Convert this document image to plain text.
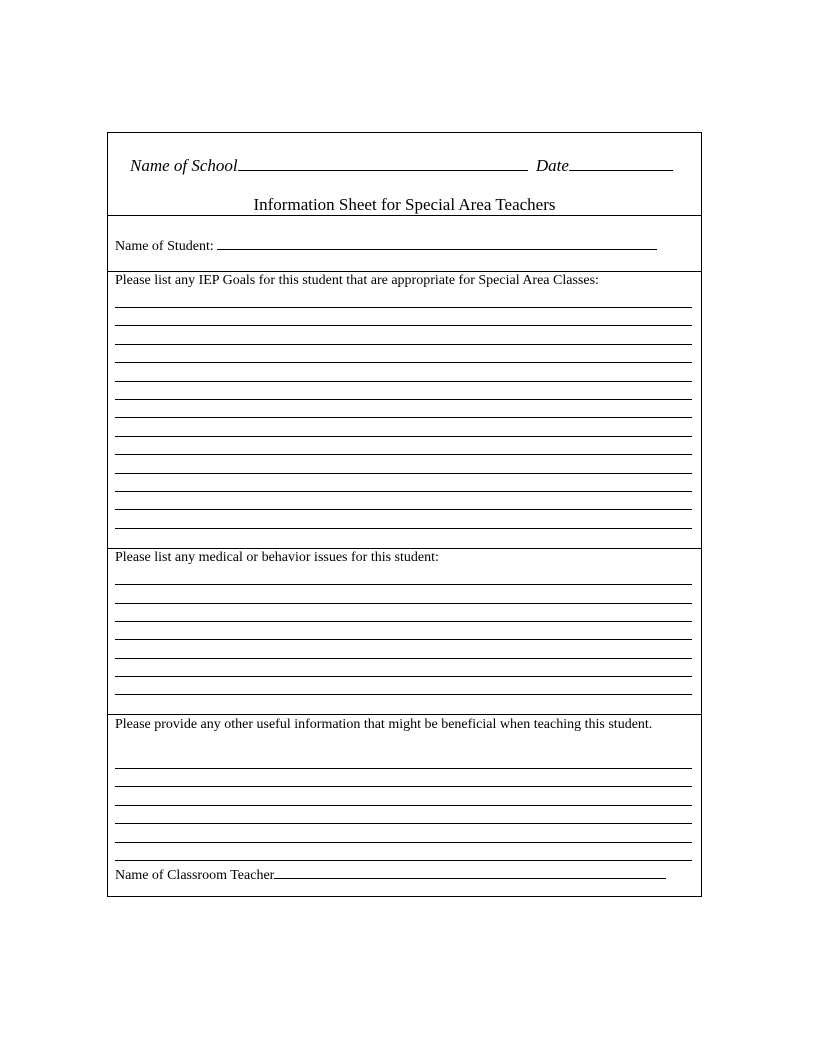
Name of School	Date
Information Sheet for Special Area Teachers
Name of Student:
Please list any IEP Goals for this student that are appropriate for Special Area Classes:
Please list any medical or behavior issues for this student:
Please provide any other useful information that might be beneficial when teaching this student.
Name of Classroom Teacher
